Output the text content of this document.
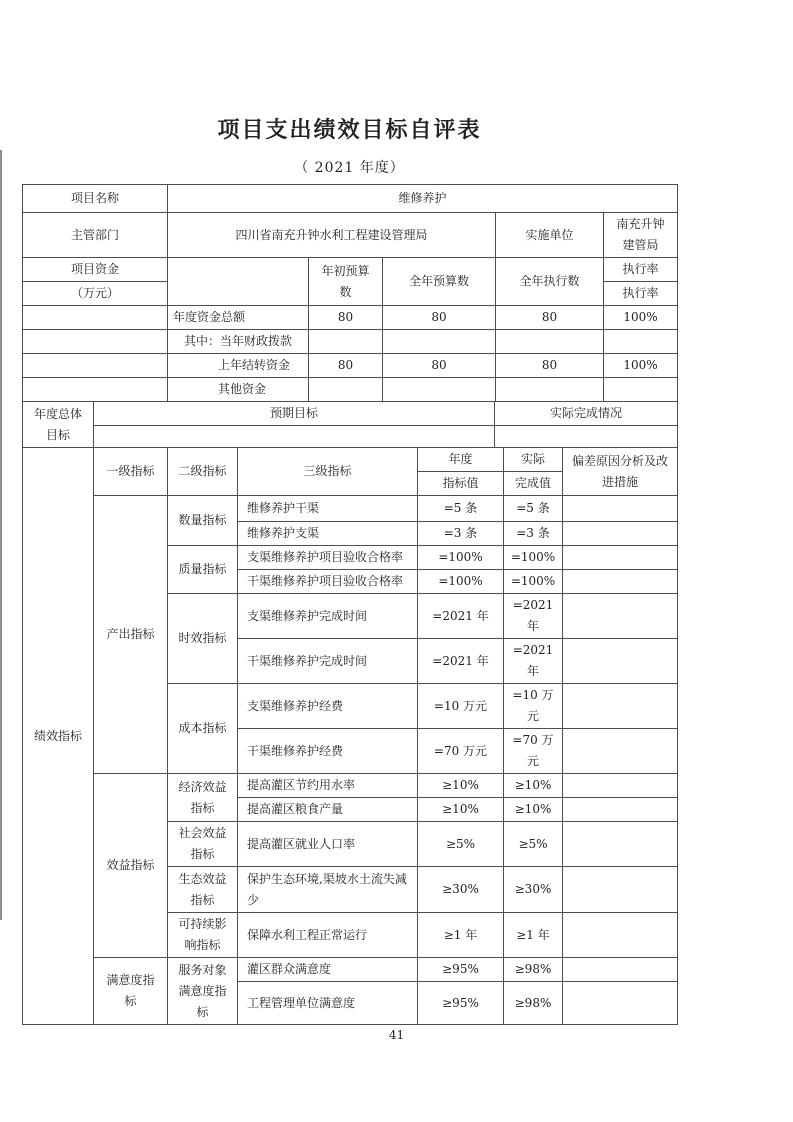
项目支出绩效目标自评表
（ 2021 年度）
项目名称	维修养护				
主管部门	四川省南充升钟水利工程建设管理局			实施单位	南充升钟建管局
项目资金		年初预算数	全年预算数	全年执行数	执行率
（万元）					执行率
	年度资金总额	80	80	80	100%
	其中：当年财政拨款				
	上年结转资金	80	80	80	100%
	其他资金				
年度总体目标	预期目标	实际完成情况

绩效指标	一级指标	二级指标	三级指标	年度	实际	偏差原因分析及改进措施
				指标值	完成值	
	产出指标	数量指标	维修养护干渠	=5 条	=5 条	
			维修养护支渠	=3 条	=3 条	
		质量指标	支渠维修养护项目验收合格率	=100%	=100%	
			干渠维修养护项目验收合格率	=100%	=100%	
		时效指标	支渠维修养护完成时间	=2021 年	=2021 年	
			干渠维修养护完成时间	=2021 年	=2021 年	
		成本指标	支渠维修养护经费	=10 万元	=10 万元	
			干渠维修养护经费	=70 万元	=70 万元	
	效益指标	经济效益指标	提高灌区节约用水率	≥10%	≥10%	
			提高灌区粮食产量	≥10%	≥10%	
		社会效益指标	提高灌区就业人口率	≥5%	≥5%	
		生态效益指标	保护生态环境,渠坡水土流失减少	≥30%	≥30%	
		可持续影响指标	保障水利工程正常运行	≥1 年	≥1 年	
	满意度指标	服务对象满意度指标	灌区群众满意度	≥95%	≥98%	
			工程管理单位满意度	≥95%	≥98%	
41
